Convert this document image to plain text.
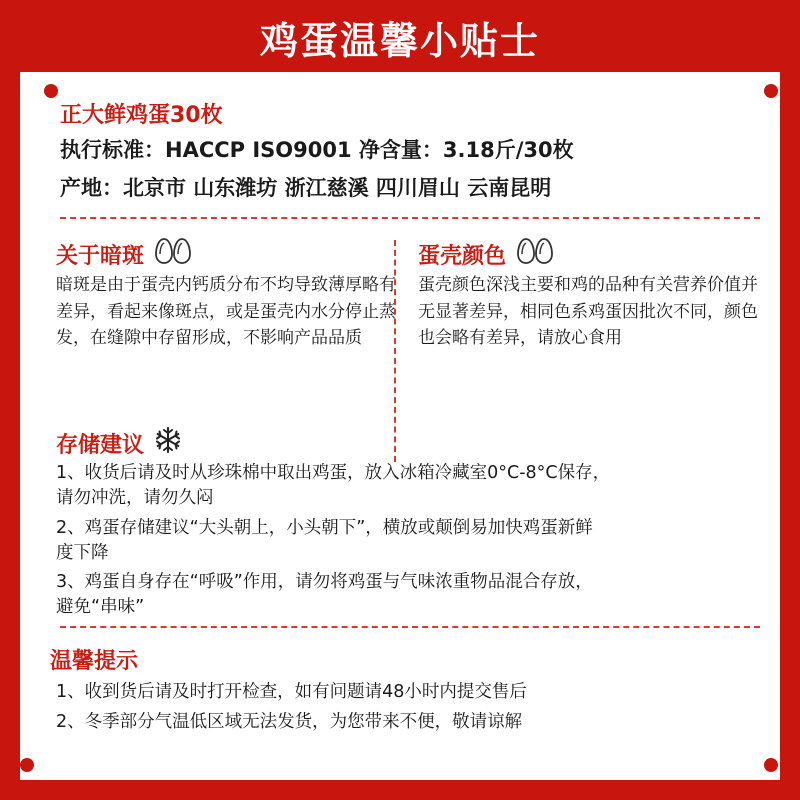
鸡蛋温馨小贴士
正大鲜鸡蛋30枚
执行标准：HACCP ISO9001 净含量：3.18斤/30枚
产地：北京市 山东潍坊 浙江慈溪 四川眉山 云南昆明
关于暗斑
暗斑是由于蛋壳内钙质分布不均导致薄厚略有差异，看起来像斑点，或是蛋壳内水分停止蒸发，在缝隙中存留形成，不影响产品品质
蛋壳颜色
蛋壳颜色深浅主要和鸡的品种有关营养价值并无显著差异，相同色系鸡蛋因批次不同，颜色也会略有差异，请放心食用
存储建议
1、收货后请及时从珍珠棉中取出鸡蛋，放入冰箱冷藏室0°C-8°C保存，
请勿冲洗，请勿久闷
2、鸡蛋存储建议“大头朝上，小头朝下”，横放或颠倒易加快鸡蛋新鲜
度下降
3、鸡蛋自身存在“呼吸”作用，请勿将鸡蛋与气味浓重物品混合存放，
避免“串味”
温馨提示
1、收到货后请及时打开检查，如有问题请48小时内提交售后
2、冬季部分气温低区域无法发货，为您带来不便，敬请谅解
